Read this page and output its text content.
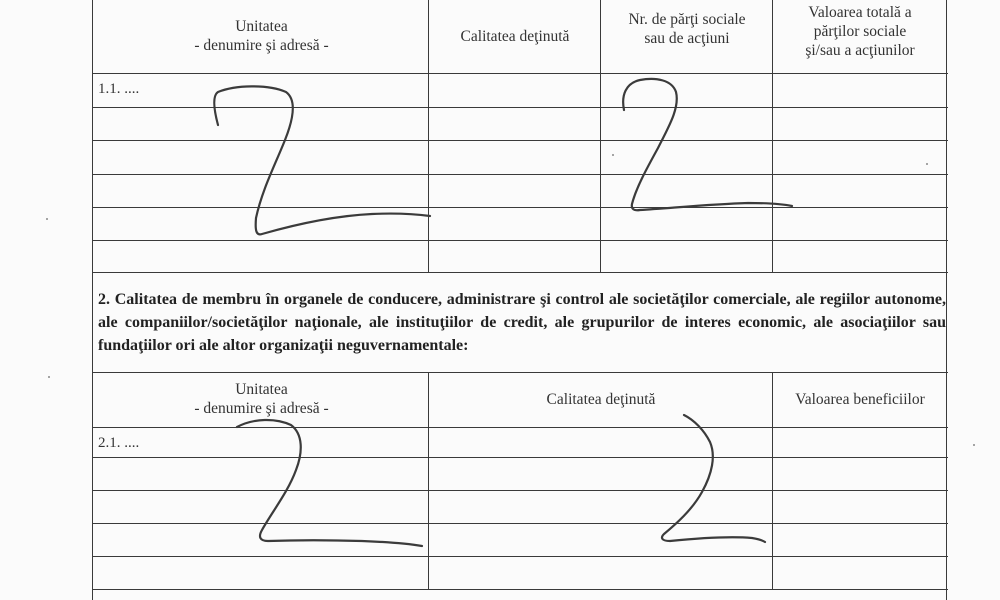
Unitatea
- denumire şi adresă -
Calitatea deţinută
Nr. de părţi sociale
sau de acţiuni
Valoarea totală a
părţilor sociale
şi/sau a acţiunilor
1.1. ....
2. Calitatea de membru în organele de conducere, administrare şi control ale societăţilor comerciale, ale regiilor autonome, ale companiilor/societăţilor naţionale, ale instituţiilor de credit, ale grupurilor de interes economic, ale asociaţiilor sau fundaţiilor ori ale altor organizaţii neguvernamentale:
Unitatea
- denumire şi adresă -
Calitatea deţinută	Valoarea beneficiilor
2.1. ....
